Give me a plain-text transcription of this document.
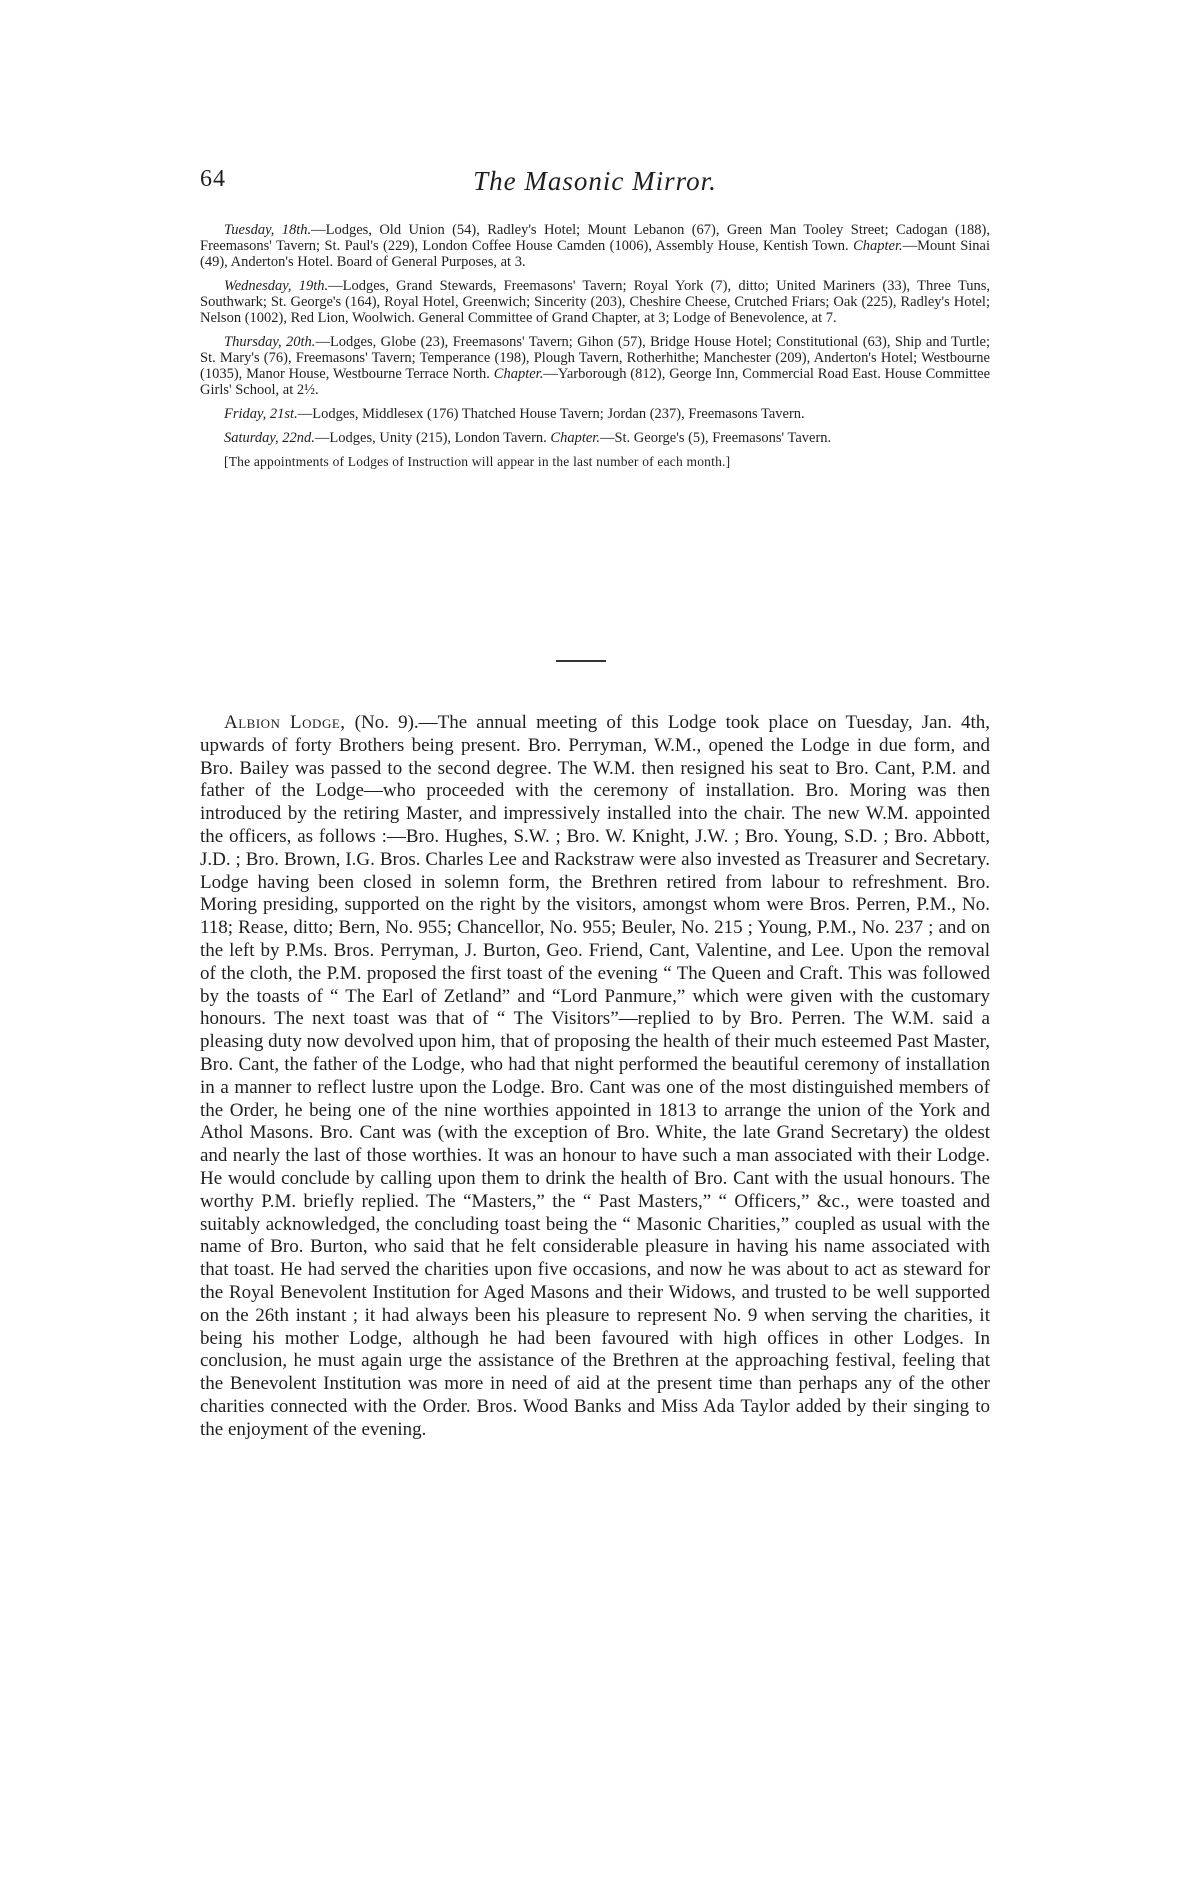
64	The Masonic Mirror.

Tuesday, 18th.—Lodges, Old Union (54), Radley's Hotel; Mount Lebanon (67), Green Man Tooley Street; Cadogan (188), Freemasons' Tavern; St. Paul's (229), London Coffee House Camden (1006), Assembly House, Kentish Town. Chapter.—Mount Sinai (49), Anderton's Hotel. Board of General Purposes, at 3.

Wednesday, 19th.—Lodges, Grand Stewards, Freemasons' Tavern; Royal York (7), ditto; United Mariners (33), Three Tuns, Southwark; St. George's (164), Royal Hotel, Greenwich; Sincerity (203), Cheshire Cheese, Crutched Friars; Oak (225), Radley's Hotel; Nelson (1002), Red Lion, Woolwich. General Committee of Grand Chapter, at 3; Lodge of Benevolence, at 7.

Thursday, 20th.—Lodges, Globe (23), Freemasons' Tavern; Gihon (57), Bridge House Hotel; Constitutional (63), Ship and Turtle; St. Mary's (76), Freemasons' Tavern; Temperance (198), Plough Tavern, Rotherhithe; Manchester (209), Anderton's Hotel; Westbourne (1035), Manor House, Westbourne Terrace North. Chapter.—Yarborough (812), George Inn, Commercial Road East. House Committee Girls' School, at 2½.

Friday, 21st.—Lodges, Middlesex (176) Thatched House Tavern; Jordan (237), Freemasons Tavern.

Saturday, 22nd.—Lodges, Unity (215), London Tavern. Chapter.—St. George's (5), Freemasons' Tavern.

[The appointments of Lodges of Instruction will appear in the last number of each month.]

Albion Lodge, (No. 9).—The annual meeting of this Lodge took place on Tuesday, Jan. 4th, upwards of forty Brothers being present. Bro. Perryman, W.M., opened the Lodge in due form, and Bro. Bailey was passed to the second degree. The W.M. then resigned his seat to Bro. Cant, P.M. and father of the Lodge—who proceeded with the ceremony of installation. Bro. Moring was then introduced by the retiring Master, and impressively installed into the chair. The new W.M. appointed the officers, as follows :—Bro. Hughes, S.W. ; Bro. W. Knight, J.W. ; Bro. Young, S.D. ; Bro. Abbott, J.D. ; Bro. Brown, I.G. Bros. Charles Lee and Rackstraw were also invested as Treasurer and Secretary. Lodge having been closed in solemn form, the Brethren retired from labour to refreshment. Bro. Moring presiding, supported on the right by the visitors, amongst whom were Bros. Perren, P.M., No. 118; Rease, ditto; Bern, No. 955; Chancellor, No. 955; Beuler, No. 215 ; Young, P.M., No. 237 ; and on the left by P.Ms. Bros. Perryman, J. Burton, Geo. Friend, Cant, Valentine, and Lee. Upon the removal of the cloth, the P.M. proposed the first toast of the evening “ The Queen and Craft. This was followed by the toasts of “ The Earl of Zetland” and “Lord Panmure,” which were given with the customary honours. The next toast was that of “ The Visitors”—replied to by Bro. Perren. The W.M. said a pleasing duty now devolved upon him, that of proposing the health of their much esteemed Past Master, Bro. Cant, the father of the Lodge, who had that night performed the beautiful ceremony of installation in a manner to reflect lustre upon the Lodge. Bro. Cant was one of the most distinguished members of the Order, he being one of the nine worthies appointed in 1813 to arrange the union of the York and Athol Masons. Bro. Cant was (with the exception of Bro. White, the late Grand Secretary) the oldest and nearly the last of those worthies. It was an honour to have such a man associated with their Lodge. He would conclude by calling upon them to drink the health of Bro. Cant with the usual honours. The worthy P.M. briefly replied. The “Masters,” the “ Past Masters,” “ Officers,” &c., were toasted and suitably acknowledged, the concluding toast being the “ Masonic Charities,” coupled as usual with the name of Bro. Burton, who said that he felt considerable pleasure in having his name associated with that toast. He had served the charities upon five occasions, and now he was about to act as steward for the Royal Benevolent Institution for Aged Masons and their Widows, and trusted to be well supported on the 26th instant ; it had always been his pleasure to represent No. 9 when serving the charities, it being his mother Lodge, although he had been favoured with high offices in other Lodges. In conclusion, he must again urge the assistance of the Brethren at the approaching festival, feeling that the Benevolent Institution was more in need of aid at the present time than perhaps any of the other charities connected with the Order. Bros. Wood Banks and Miss Ada Taylor added by their singing to the enjoyment of the evening.
